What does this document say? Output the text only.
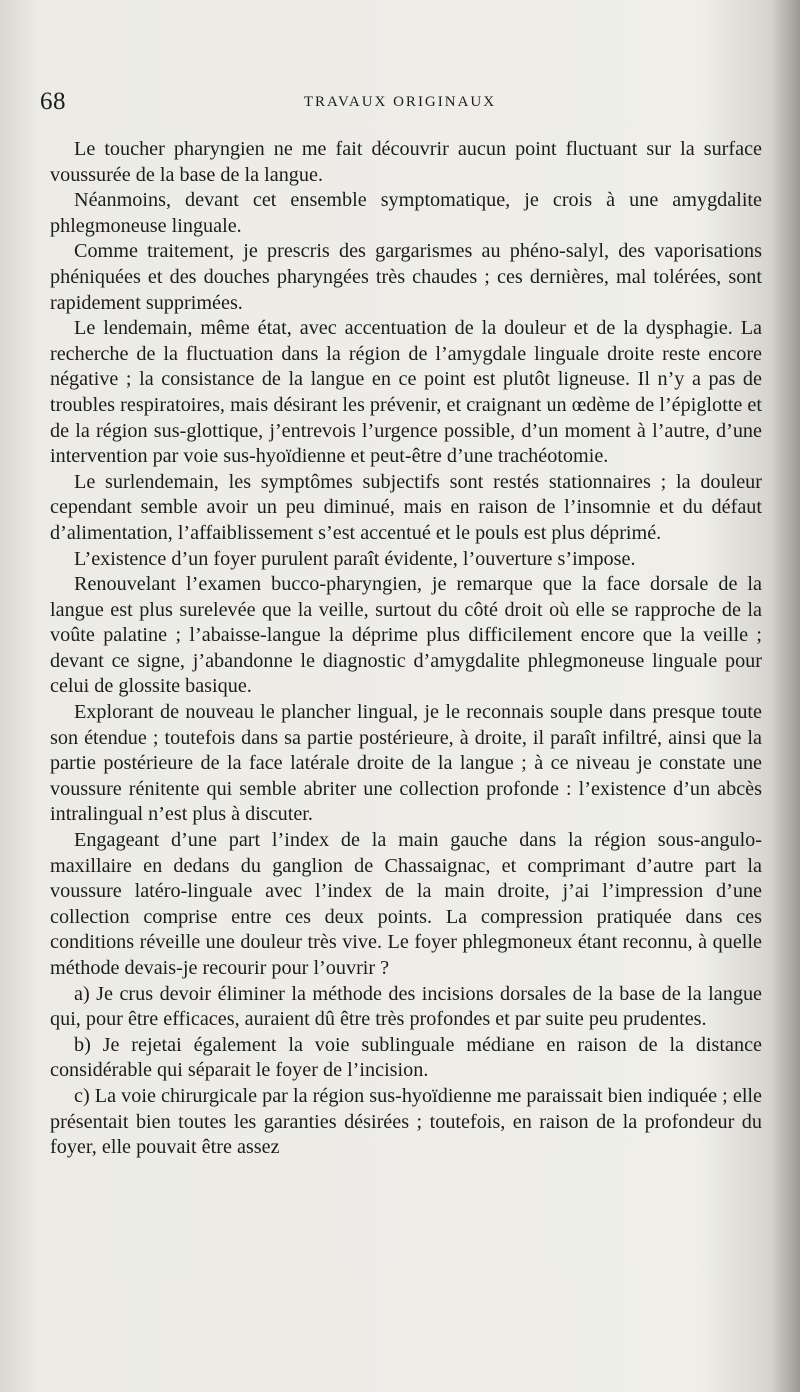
68	TRAVAUX ORIGINAUX

Le toucher pharyngien ne me fait découvrir aucun point fluctuant sur la surface voussurée de la base de la langue.

Néanmoins, devant cet ensemble symptomatique, je crois à une amygdalite phlegmoneuse linguale.

Comme traitement, je prescris des gargarismes au phéno-salyl, des vaporisations phéniquées et des douches pharyngées très chaudes ; ces dernières, mal tolérées, sont rapidement supprimées.

Le lendemain, même état, avec accentuation de la douleur et de la dysphagie. La recherche de la fluctuation dans la région de l’amygdale linguale droite reste encore négative ; la consistance de la langue en ce point est plutôt ligneuse. Il n’y a pas de troubles respiratoires, mais désirant les prévenir, et craignant un œdème de l’épiglotte et de la région sus-glottique, j’entrevois l’urgence possible, d’un moment à l’autre, d’une intervention par voie sus-hyoïdienne et peut-être d’une trachéotomie.

Le surlendemain, les symptômes subjectifs sont restés stationnaires ; la douleur cependant semble avoir un peu diminué, mais en raison de l’insomnie et du défaut d’alimentation, l’affaiblissement s’est accentué et le pouls est plus déprimé.

L’existence d’un foyer purulent paraît évidente, l’ouverture s’impose.

Renouvelant l’examen bucco-pharyngien, je remarque que la face dorsale de la langue est plus surelevée que la veille, surtout du côté droit où elle se rapproche de la voûte palatine ; l’abaisse-langue la déprime plus difficilement encore que la veille ; devant ce signe, j’abandonne le diagnostic d’amygdalite phlegmoneuse linguale pour celui de glossite basique.

Explorant de nouveau le plancher lingual, je le reconnais souple dans presque toute son étendue ; toutefois dans sa partie postérieure, à droite, il paraît infiltré, ainsi que la partie postérieure de la face latérale droite de la langue ; à ce niveau je constate une voussure rénitente qui semble abriter une collection profonde : l’existence d’un abcès intralingual n’est plus à discuter.

Engageant d’une part l’index de la main gauche dans la région sous-angulo-maxillaire en dedans du ganglion de Chassaignac, et comprimant d’autre part la voussure latéro-linguale avec l’index de la main droite, j’ai l’impression d’une collection comprise entre ces deux points. La compression pratiquée dans ces conditions réveille une douleur très vive. Le foyer phlegmoneux étant reconnu, à quelle méthode devais-je recourir pour l’ouvrir ?

a) Je crus devoir éliminer la méthode des incisions dorsales de la base de la langue qui, pour être efficaces, auraient dû être très profondes et par suite peu prudentes.

b) Je rejetai également la voie sublinguale médiane en raison de la distance considérable qui séparait le foyer de l’incision.

c) La voie chirurgicale par la région sus-hyoïdienne me paraissait bien indiquée ; elle présentait bien toutes les garanties désirées ; toutefois, en raison de la profondeur du foyer, elle pouvait être assez
